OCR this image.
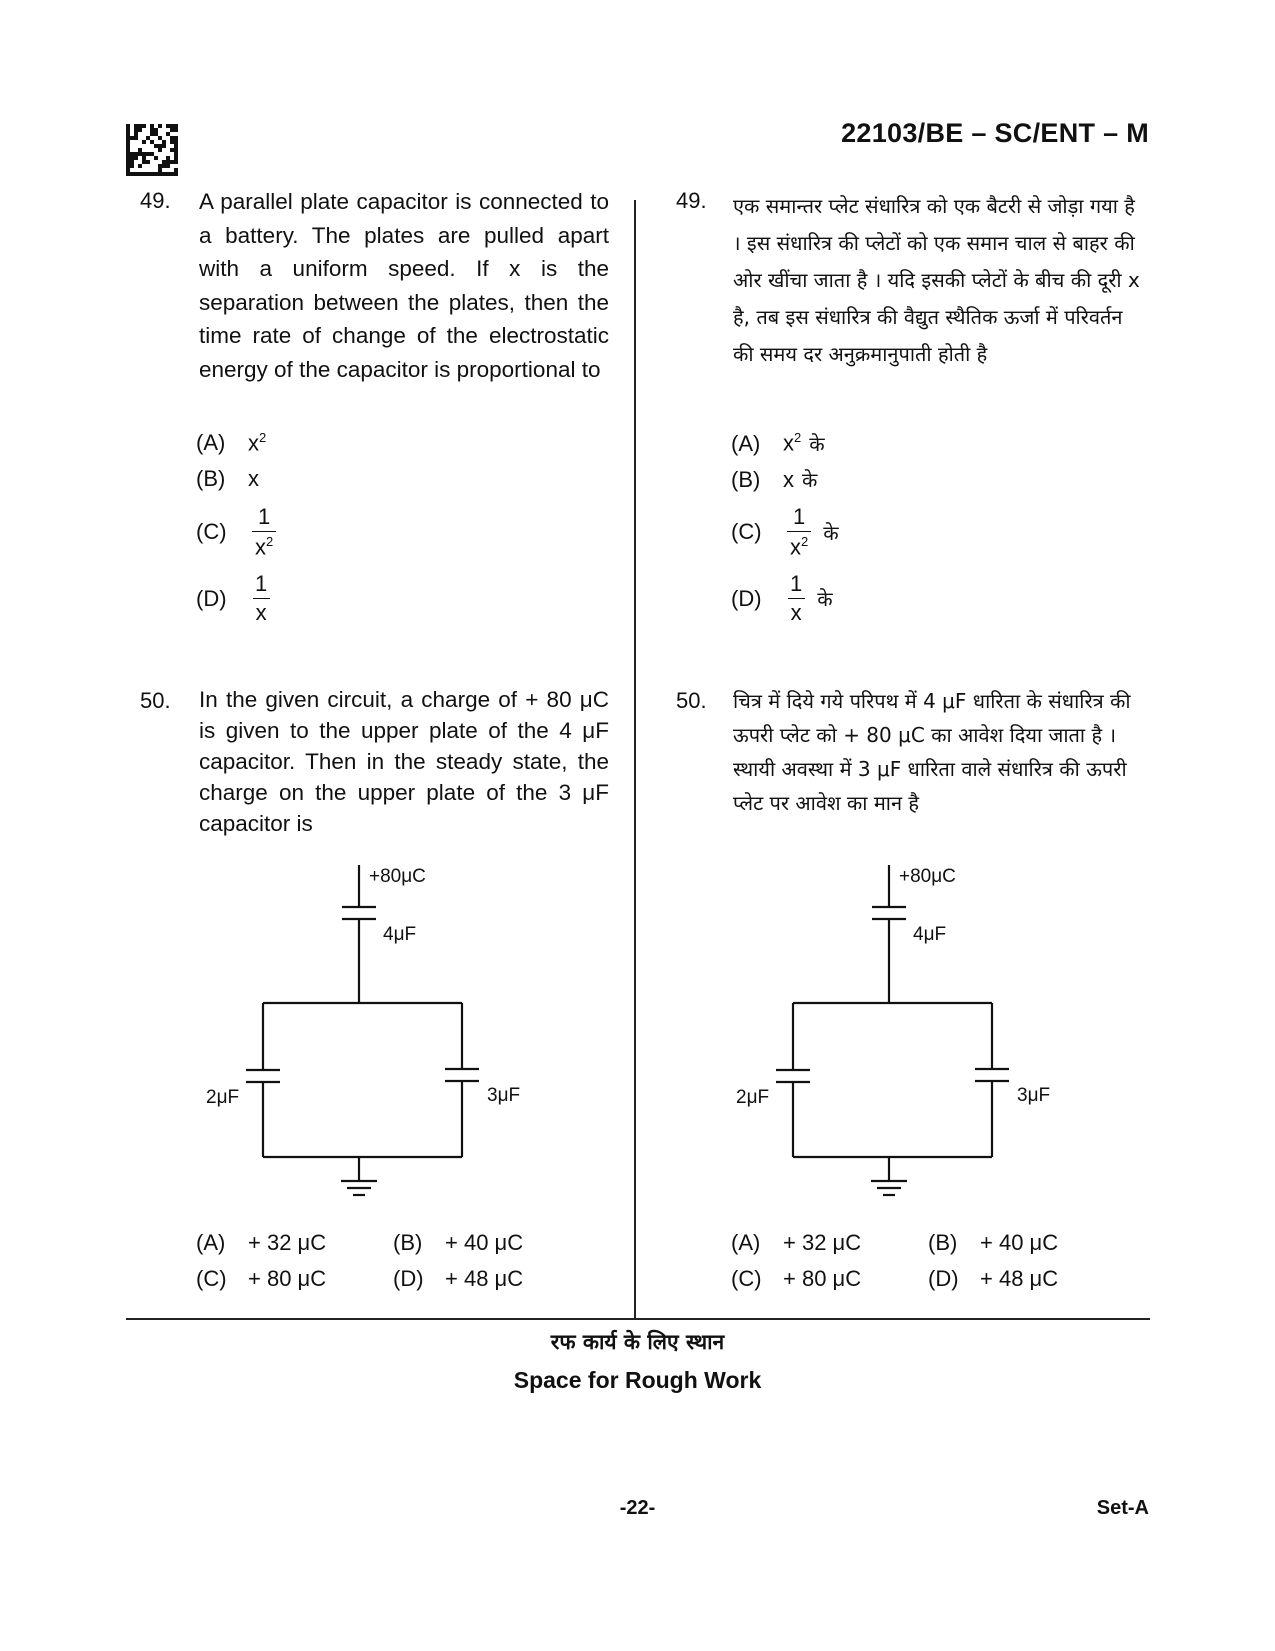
22103/BE – SC/ENT – M
49. A parallel plate capacitor is connected to a battery. The plates are pulled apart with a uniform speed. If x is the separation between the plates, then the time rate of change of the electrostatic energy of the capacitor is proportional to
(A)	$x^2$
(B)	x
(C)	$\frac{1}{x^2}$
(D)	$\frac{1}{x}$
49. एक समान्तर प्लेट संधारित्र को एक बैटरी से जोड़ा गया है । इस संधारित्र की प्लेटों को एक समान चाल से बाहर की ओर खींचा जाता है । यदि इसकी प्लेटों के बीच की दूरी x है, तब इस संधारित्र की वैद्युत स्थैतिक ऊर्जा में परिवर्तन की समय दर अनुक्रमानुपाती होती है
(A)	$x^2$ के
(B)	x के
(C)	$\frac{1}{x^2}$ के
(D)	$\frac{1}{x}$ के
50. In the given circuit, a charge of + 80 μC is given to the upper plate of the 4 μF capacitor. Then in the steady state, the charge on the upper plate of the 3 μF capacitor is
50. चित्र में दिये गये परिपथ में 4 μF धारिता के संधारित्र की ऊपरी प्लेट को + 80 μC का आवेश दिया जाता है । स्थायी अवस्था में 3 μF धारिता वाले संधारित्र की ऊपरी प्लेट पर आवेश का मान है
+80μC
4μF
2μF	3μF
+80μC
4μF
2μF	3μF
(A)	+ 32 μC	(B)	+ 40 μC
(C) + 80 μC	(D) + 48 μC
(A)	+ 32 μC	(B)	+ 40 μC
(C) + 80 μC	(D) + 48 μC
रफ कार्य के लिए स्थान
Space for Rough Work
-22-	Set-A
